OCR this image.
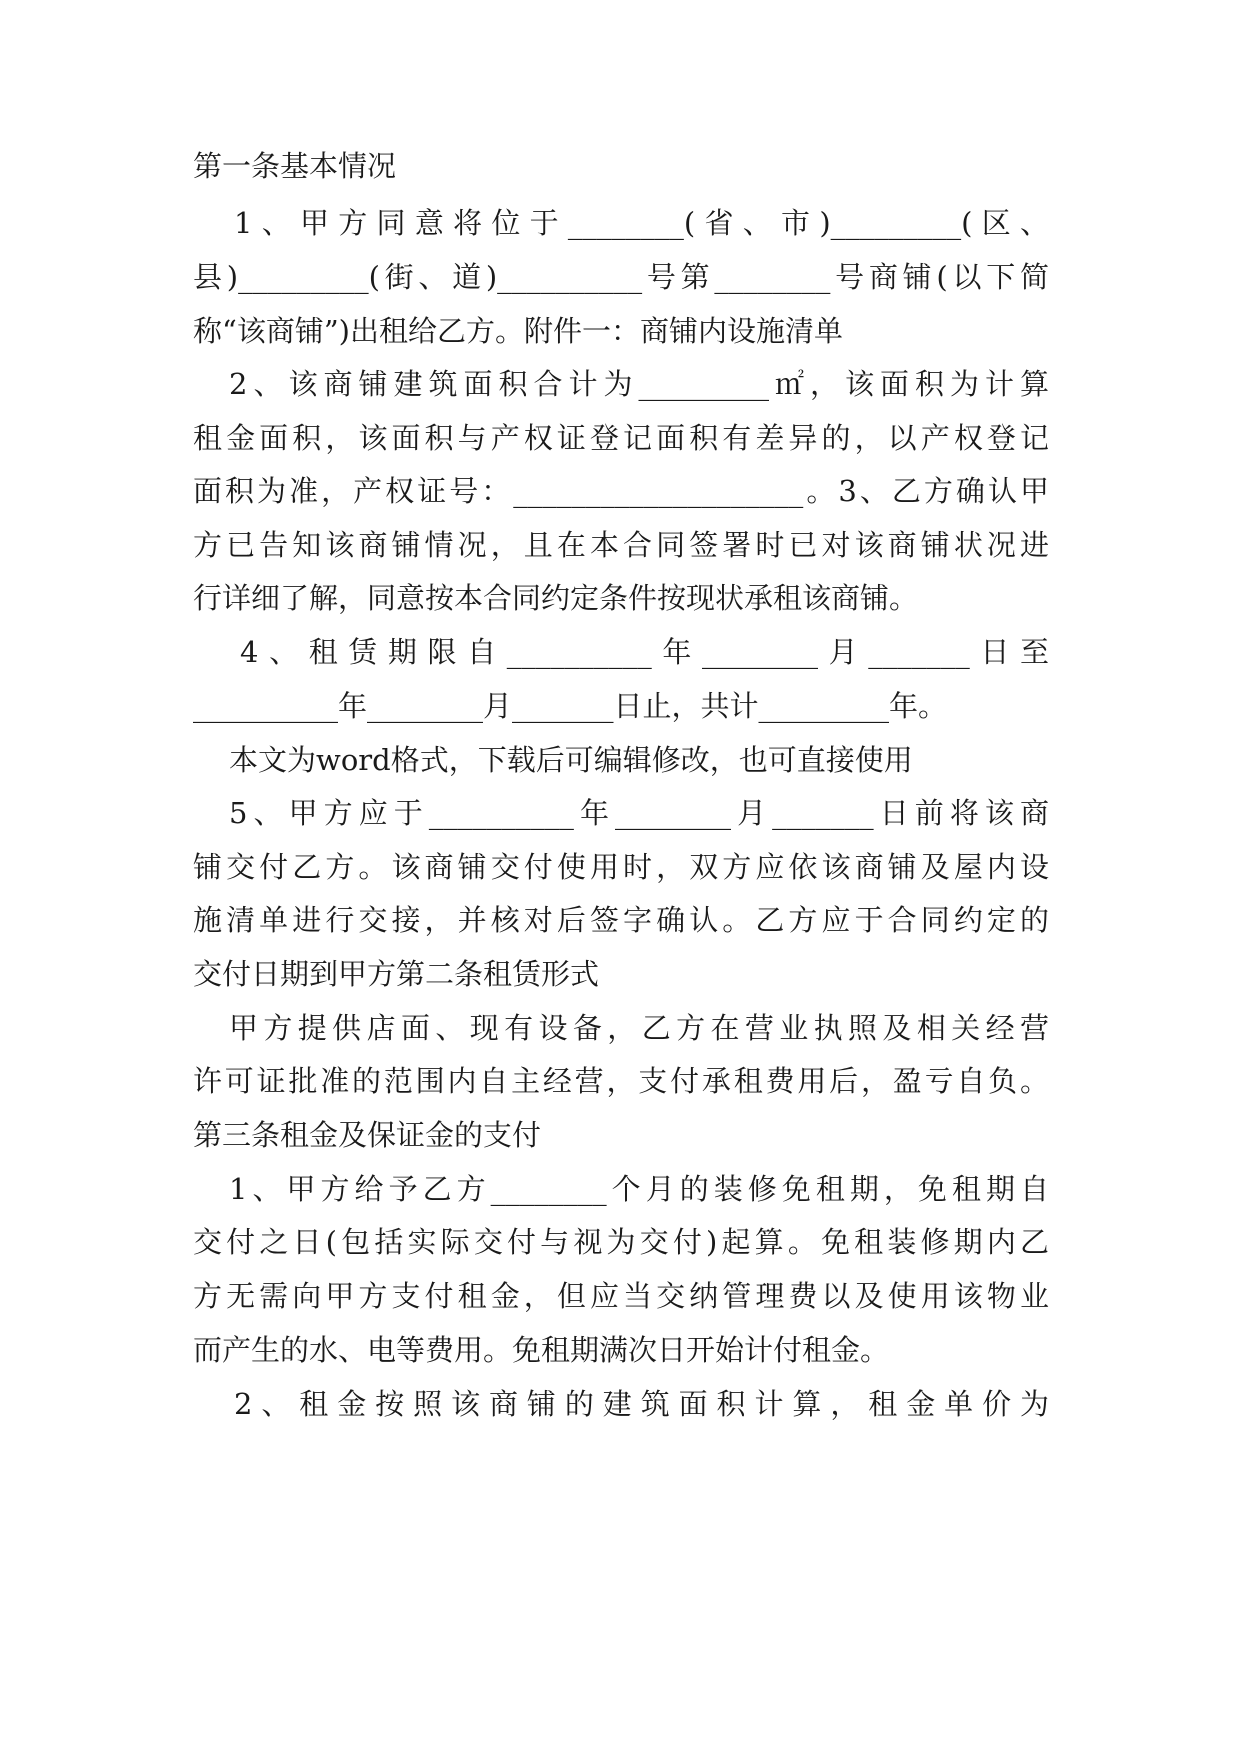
第一条基本情况

1、甲方同意将位于________(省、市)_________(区、

县)_________(街、道)__________号第________号商铺(以下简

称“该商铺”)出租给乙方。附件一：商铺内设施清单

2、该商铺建筑面积合计为_________㎡，该面积为计算

租金面积，该面积与产权证登记面积有差异的，以产权登记

面积为准，产权证号：____________________。3、乙方确认甲

方已告知该商铺情况，且在本合同签署时已对该商铺状况进

行详细了解，同意按本合同约定条件按现状承租该商铺。

4、租赁期限自__________年________月_______日至

__________年________月_______日止，共计_________年。

本文为word格式，下载后可编辑修改，也可直接使用

5、甲方应于__________年________月_______日前将该商

铺交付乙方。该商铺交付使用时，双方应依该商铺及屋内设

施清单进行交接，并核对后签字确认。乙方应于合同约定的

交付日期到甲方第二条租赁形式

甲方提供店面、现有设备，乙方在营业执照及相关经营

许可证批准的范围内自主经营，支付承租费用后，盈亏自负。

第三条租金及保证金的支付

1、甲方给予乙方________个月的装修免租期，免租期自

交付之日(包括实际交付与视为交付)起算。免租装修期内乙

方无需向甲方支付租金，但应当交纳管理费以及使用该物业

而产生的水、电等费用。免租期满次日开始计付租金。

2、租金按照该商铺的建筑面积计算，租金单价为
